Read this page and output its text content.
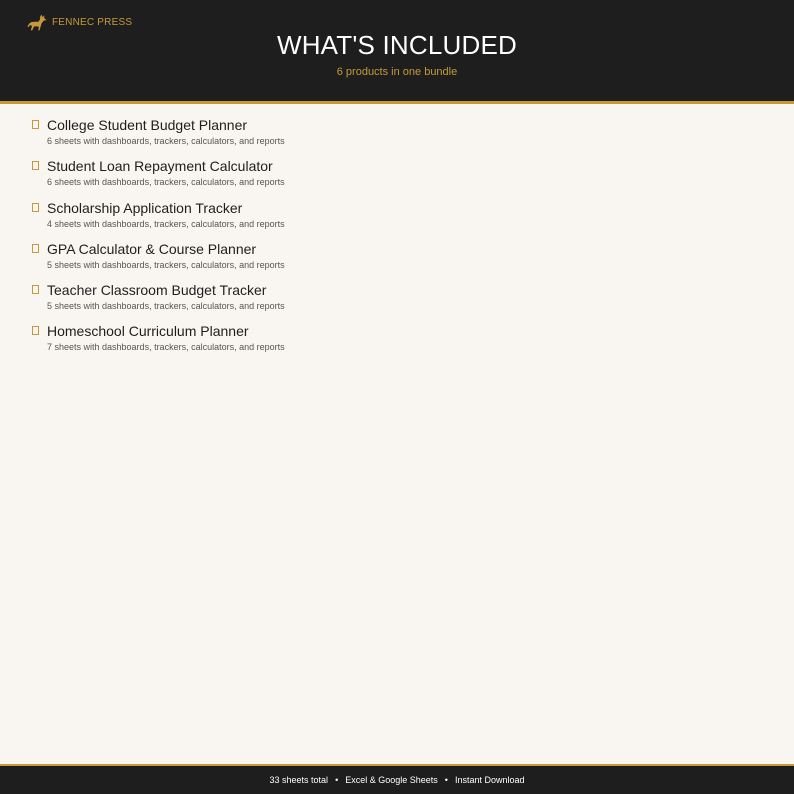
FENNEC PRESS
WHAT'S INCLUDED
6 products in one bundle
College Student Budget Planner
6 sheets with dashboards, trackers, calculators, and reports
Student Loan Repayment Calculator
6 sheets with dashboards, trackers, calculators, and reports
Scholarship Application Tracker
4 sheets with dashboards, trackers, calculators, and reports
GPA Calculator & Course Planner
5 sheets with dashboards, trackers, calculators, and reports
Teacher Classroom Budget Tracker
5 sheets with dashboards, trackers, calculators, and reports
Homeschool Curriculum Planner
7 sheets with dashboards, trackers, calculators, and reports
33 sheets total • Excel & Google Sheets • Instant Download
